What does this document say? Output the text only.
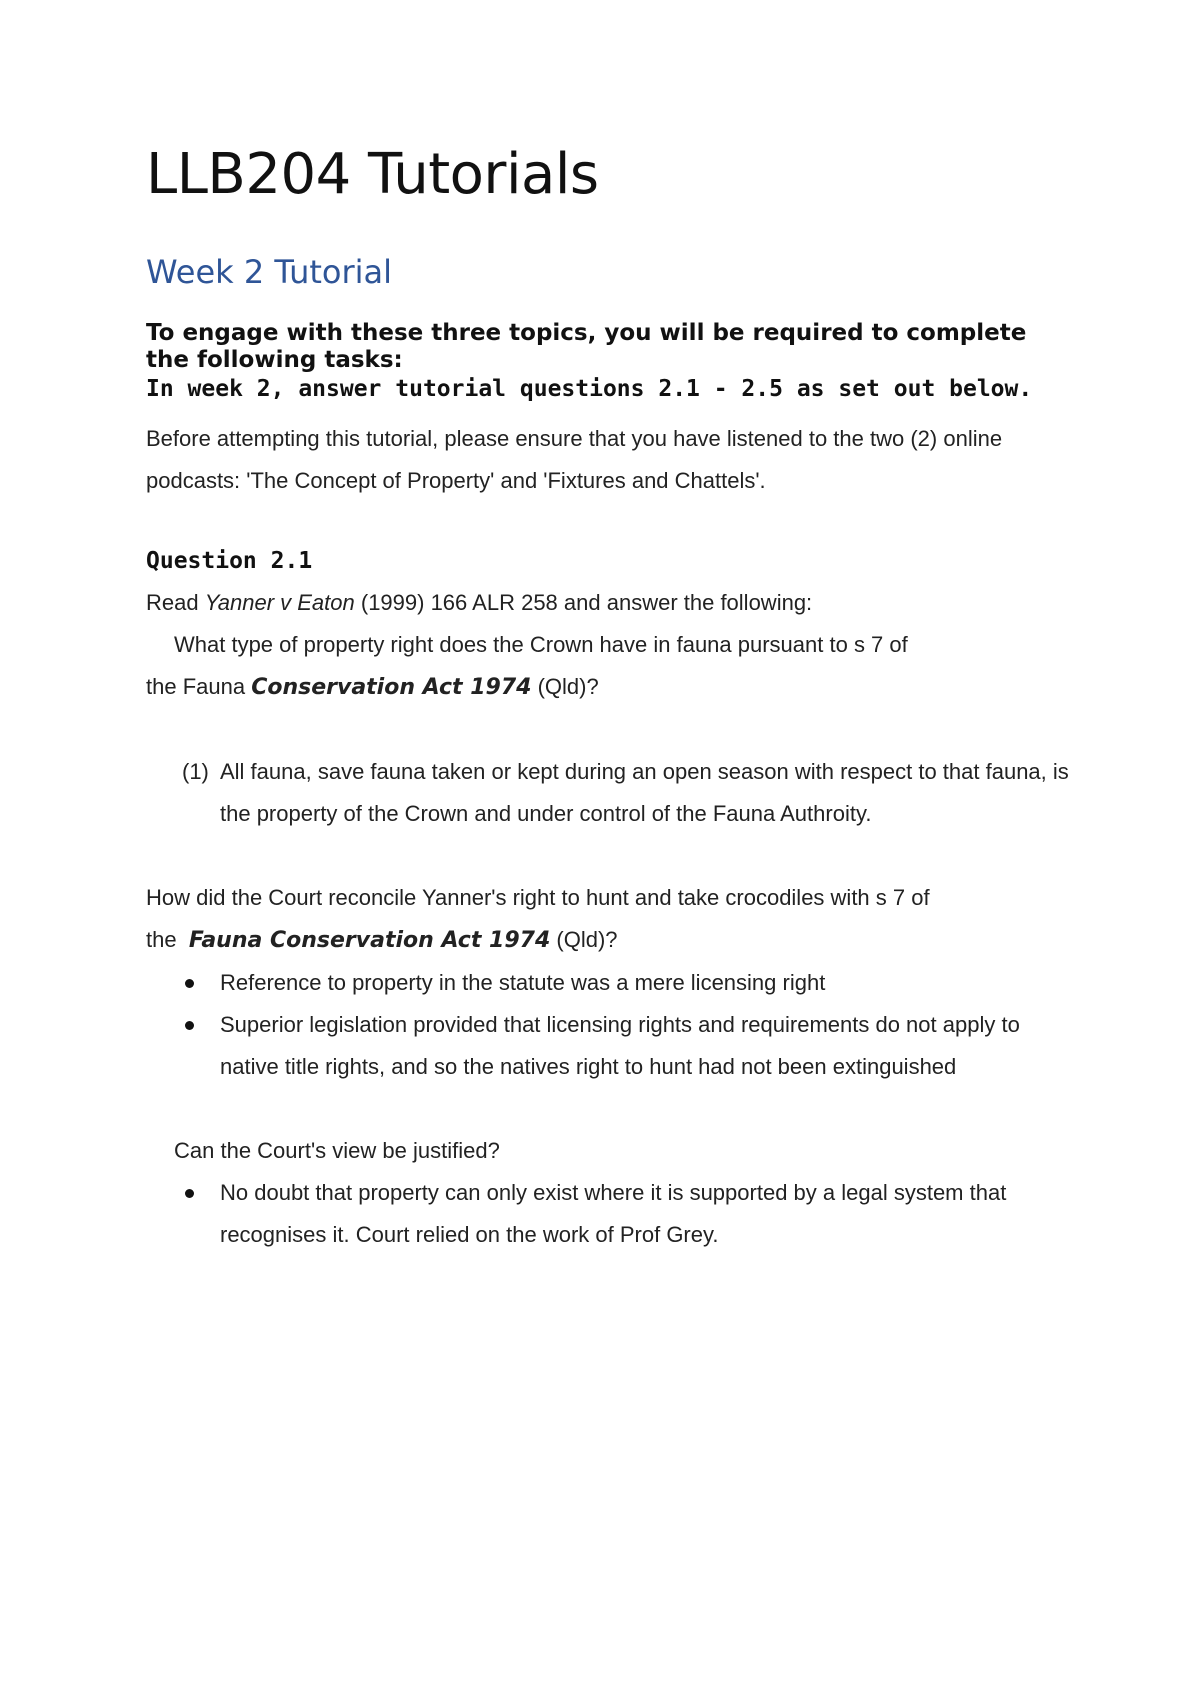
LLB204 Tutorials
Week 2 Tutorial

To engage with these three topics, you will be required to complete the following tasks:

In week 2, answer tutorial questions 2.1 - 2.5 as set out below.

Before attempting this tutorial, please ensure that you have listened to the two (2) online podcasts: 'The Concept of Property' and 'Fixtures and Chattels'.

Question 2.1

Read Yanner v Eaton (1999) 166 ALR 258 and answer the following:

What type of property right does the Crown have in fauna pursuant to s 7 of

the Fauna Conservation Act 1974 (Qld)?

(1) All fauna, save fauna taken or kept during an open season with respect to that fauna, is the property of the Crown and under control of the Fauna Authroity.

How did the Court reconcile Yanner's right to hunt and take crocodiles with s 7 of

the  Fauna Conservation Act 1974 (Qld)?

Reference to property in the statute was a mere licensing right
Superior legislation provided that licensing rights and requirements do not apply to native title rights, and so the natives right to hunt had not been extinguished

Can the Court's view be justified?

No doubt that property can only exist where it is supported by a legal system that recognises it. Court relied on the work of Prof Grey.
